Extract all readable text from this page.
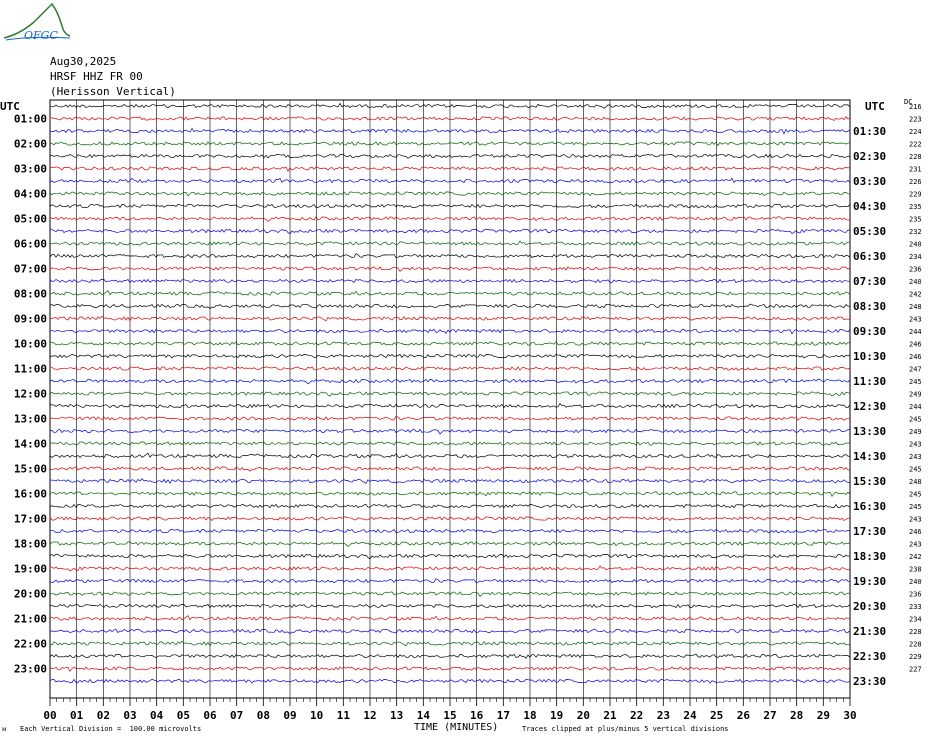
OFGC
Aug30,2025
HRSF HHZ FR 00
(Herisson Vertical)
UTC	UTC	DC
01:00
02:00
03:00
04:00
05:00
06:00
07:00
08:00
09:00
10:00
11:00
12:00
13:00
14:00
15:00
16:00
17:00
18:00
19:00
20:00
21:00
22:00
23:00
01:30
02:30
03:30
04:30
05:30
06:30
07:30
08:30
09:30
10:30
11:30
12:30
13:30
14:30
15:30
16:30
17:30
18:30
19:30
20:30
21:30
22:30
23:30
216
223
224
222
228
231
226
229
235
235
232
240
234
236
240
242
248
243
244
246
246
247
245
249
244
245
249
243
243
245
248
245
245
243
246
243
242
238
240
236
233
234
228
228
229
227
00 01 02 03 04 05 06 07 08 09 10 11 12 13 14 15 16 17 18 19 20 21 22 23 24 25 26 27 28 29 30
ᴍ Each Vertical Division =  100.00 microvolts	TIME (MINUTES)	Traces clipped at plus/minus 5 vertical divisions
